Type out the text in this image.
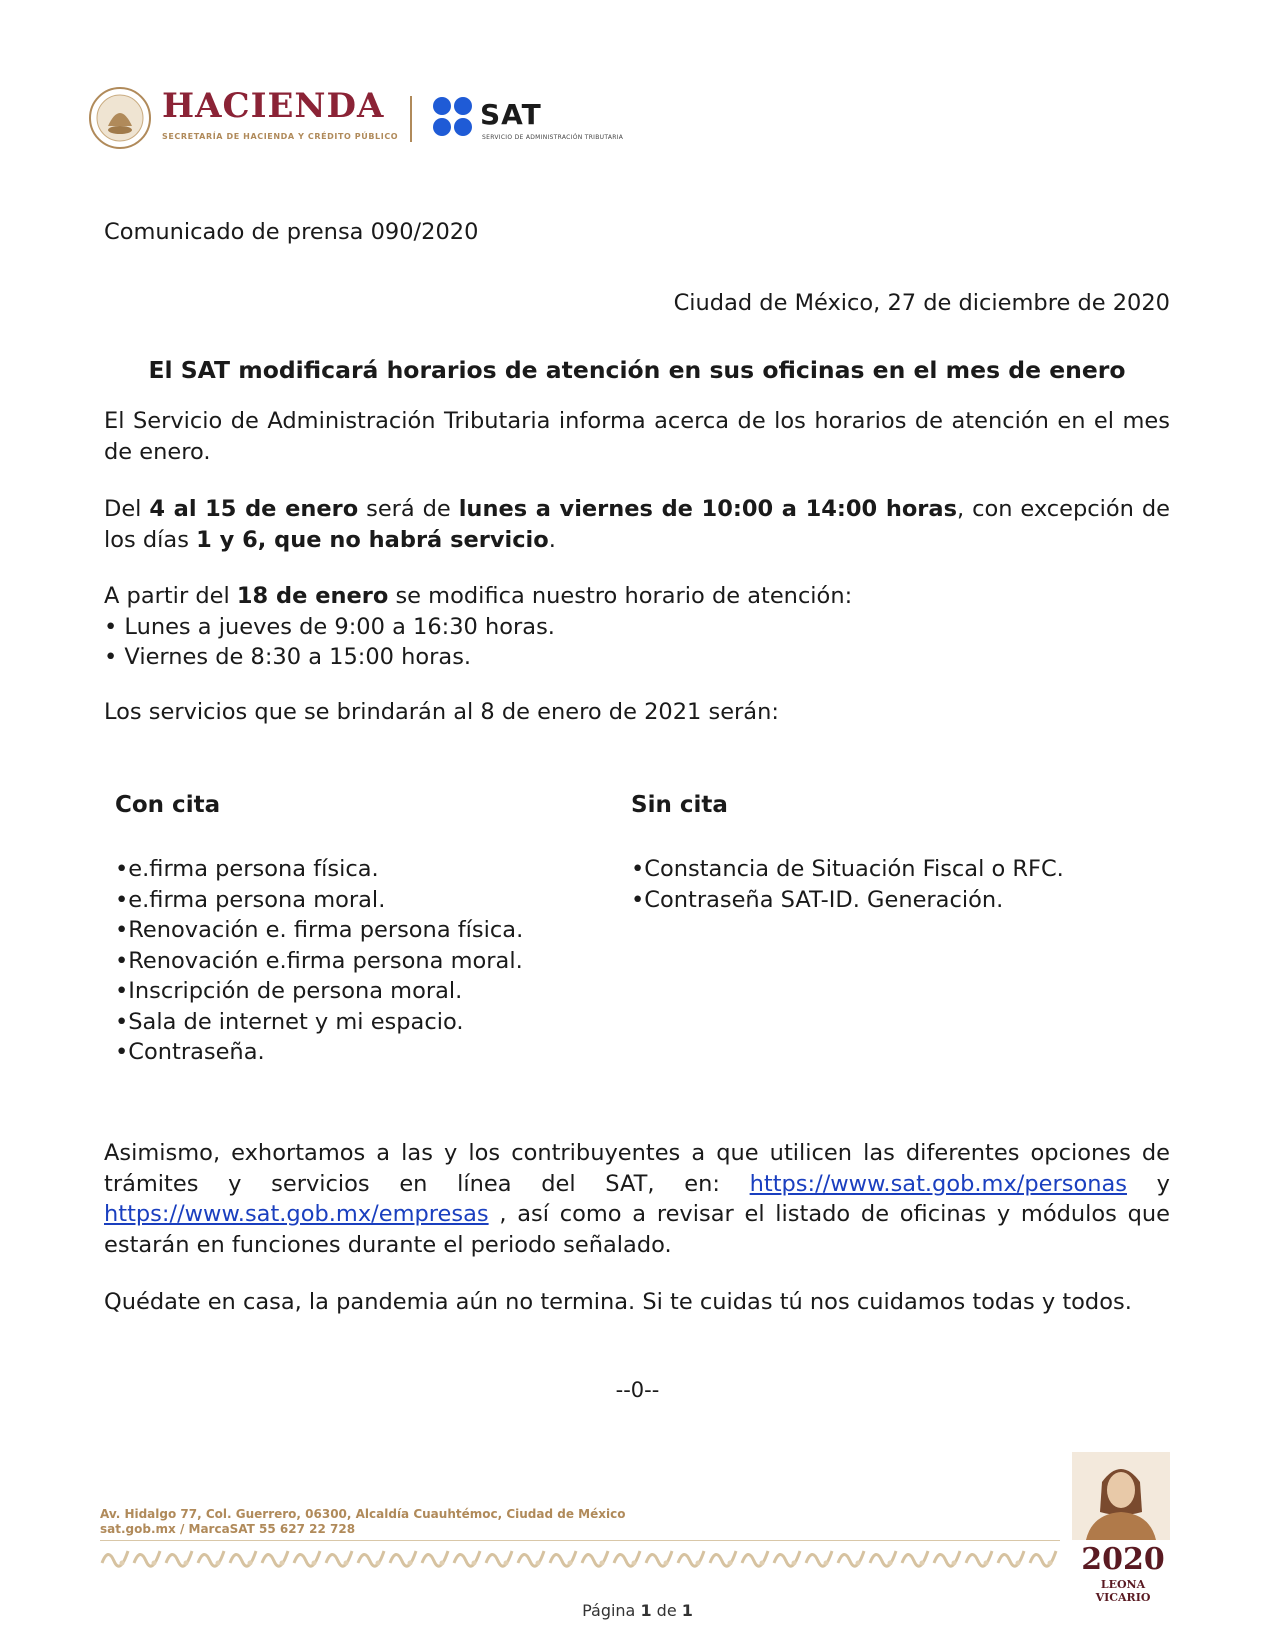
HACIENDA
SECRETARÍA DE HACIENDA Y CRÉDITO PÚBLICO
SAT
SERVICIO DE ADMINISTRACIÓN TRIBUTARIA
Comunicado de prensa 090/2020
Ciudad de México, 27 de diciembre de 2020
El SAT modificará horarios de atención en sus oficinas en el mes de enero
El Servicio de Administración Tributaria informa acerca de los horarios de atención en el mes de enero.
Del 4 al 15 de enero será de lunes a viernes de 10:00 a 14:00 horas, con excepción de los días 1 y 6, que no habrá servicio.
A partir del 18 de enero se modifica nuestro horario de atención:
• Lunes a jueves de 9:00 a 16:30 horas.
• Viernes de 8:30 a 15:00 horas.
Los servicios que se brindarán al 8 de enero de 2021 serán:
Con cita
•e.firma persona física.
•e.firma persona moral.
•Renovación e. firma persona física.
•Renovación e.firma persona moral.
•Inscripción de persona moral.
•Sala de internet y mi espacio.
•Contraseña.
Sin cita
•Constancia de Situación Fiscal o RFC.
•Contraseña SAT-ID. Generación.
Asimismo, exhortamos a las y los contribuyentes a que utilicen las diferentes opciones de trámites y servicios en línea del SAT, en: https://www.sat.gob.mx/personas y https://www.sat.gob.mx/empresas , así como a revisar el listado de oficinas y módulos que estarán en funciones durante el periodo señalado.
Quédate en casa, la pandemia aún no termina. Si te cuidas tú nos cuidamos todas y todos.
--0--
Av. Hidalgo 77, Col. Guerrero, 06300, Alcaldía Cuauhtémoc, Ciudad de México
sat.gob.mx / MarcaSAT 55 627 22 728
2020
LEONA VICARIO
Página 1 de 1
